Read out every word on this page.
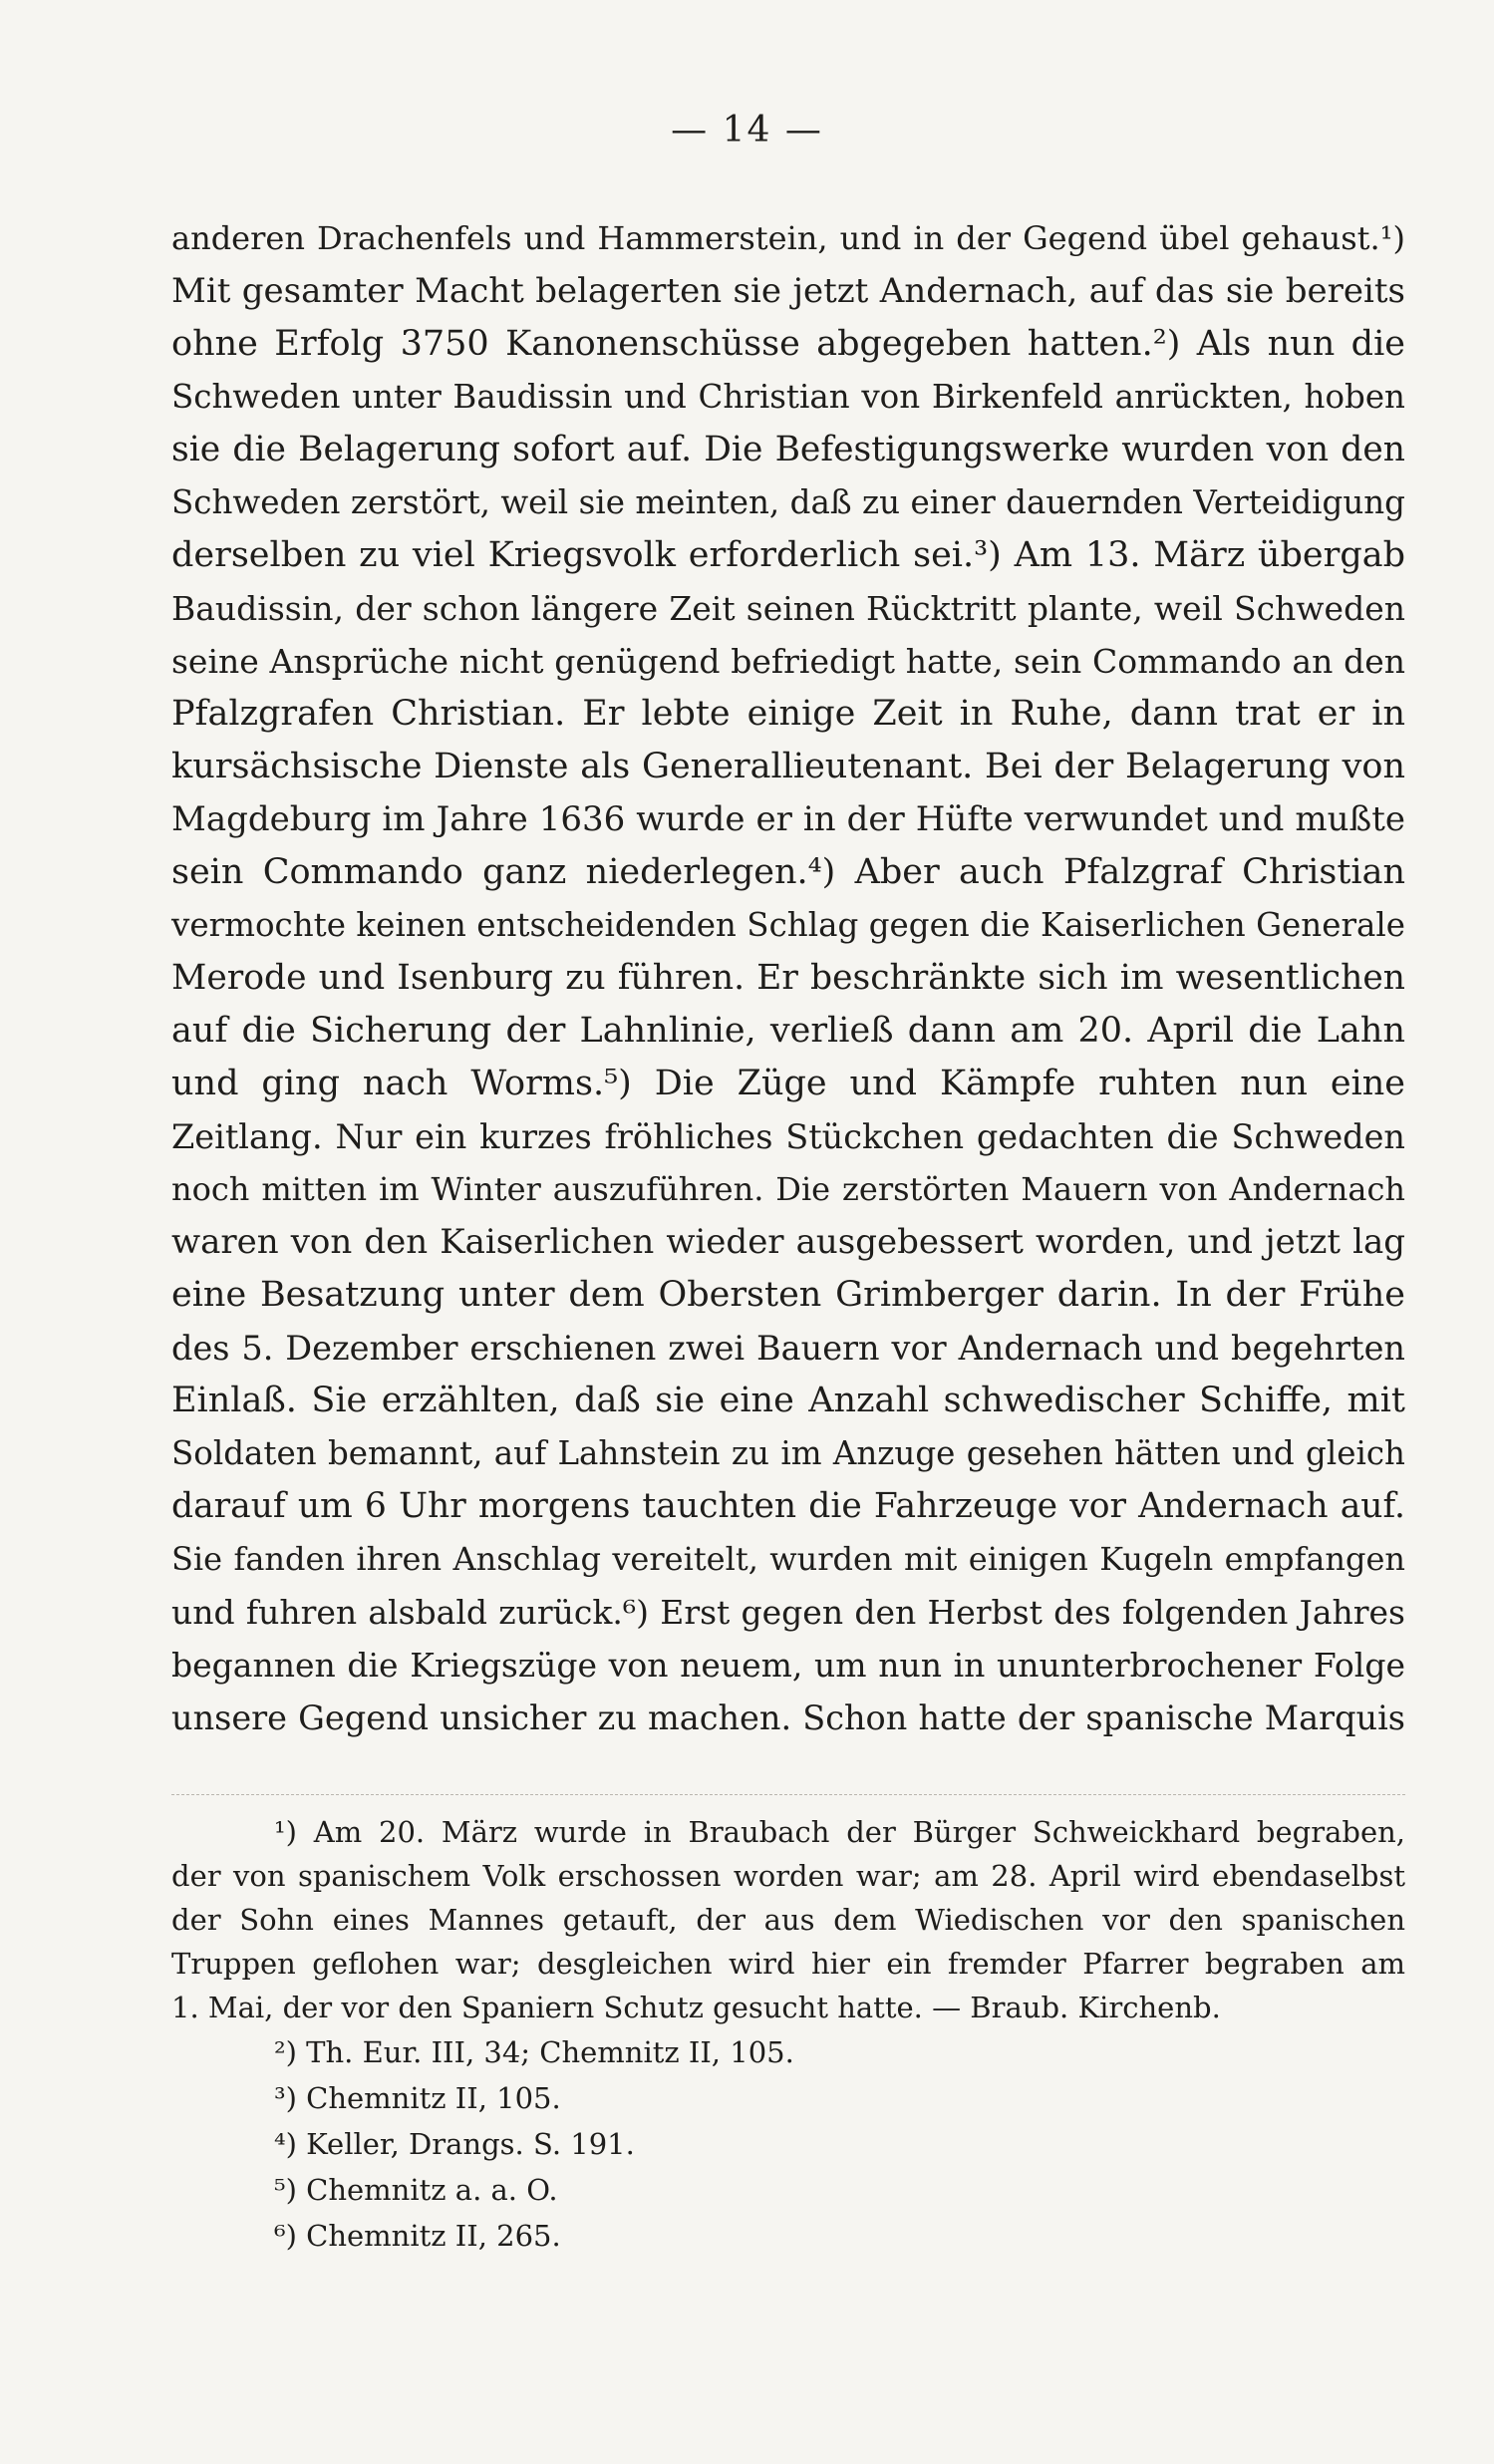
— 14 —
anderen Drachenfels und Hammerstein, und in der Gegend übel gehaust.¹)
Mit gesamter Macht belagerten sie jetzt Andernach, auf das sie bereits
ohne Erfolg 3750 Kanonenschüsse abgegeben hatten.²) Als nun die
Schweden unter Baudissin und Christian von Birkenfeld anrückten, hoben
sie die Belagerung sofort auf. Die Befestigungswerke wurden von den
Schweden zerstört, weil sie meinten, daß zu einer dauernden Verteidigung
derselben zu viel Kriegsvolk erforderlich sei.³) Am 13. März übergab
Baudissin, der schon längere Zeit seinen Rücktritt plante, weil Schweden
seine Ansprüche nicht genügend befriedigt hatte, sein Commando an den
Pfalzgrafen Christian. Er lebte einige Zeit in Ruhe, dann trat er in
kursächsische Dienste als Generallieutenant. Bei der Belagerung von
Magdeburg im Jahre 1636 wurde er in der Hüfte verwundet und mußte
sein Commando ganz niederlegen.⁴) Aber auch Pfalzgraf Christian
vermochte keinen entscheidenden Schlag gegen die Kaiserlichen Generale
Merode und Isenburg zu führen. Er beschränkte sich im wesentlichen
auf die Sicherung der Lahnlinie, verließ dann am 20. April die Lahn
und ging nach Worms.⁵) Die Züge und Kämpfe ruhten nun eine
Zeitlang. Nur ein kurzes fröhliches Stückchen gedachten die Schweden
noch mitten im Winter auszuführen. Die zerstörten Mauern von Andernach
waren von den Kaiserlichen wieder ausgebessert worden, und jetzt lag
eine Besatzung unter dem Obersten Grimberger darin. In der Frühe
des 5. Dezember erschienen zwei Bauern vor Andernach und begehrten
Einlaß. Sie erzählten, daß sie eine Anzahl schwedischer Schiffe, mit
Soldaten bemannt, auf Lahnstein zu im Anzuge gesehen hätten und gleich
darauf um 6 Uhr morgens tauchten die Fahrzeuge vor Andernach auf.
Sie fanden ihren Anschlag vereitelt, wurden mit einigen Kugeln empfangen
und fuhren alsbald zurück.⁶) Erst gegen den Herbst des folgenden Jahres
begannen die Kriegszüge von neuem, um nun in ununterbrochener Folge
unsere Gegend unsicher zu machen. Schon hatte der spanische Marquis
¹) Am 20. März wurde in Braubach der Bürger Schweickhard begraben,
der von spanischem Volk erschossen worden war; am 28. April wird ebendaselbst
der Sohn eines Mannes getauft, der aus dem Wiedischen vor den spanischen
Truppen geflohen war; desgleichen wird hier ein fremder Pfarrer begraben am
1. Mai, der vor den Spaniern Schutz gesucht hatte. — Braub. Kirchenb.
²) Th. Eur. III, 34; Chemnitz II, 105.
³) Chemnitz II, 105.
⁴) Keller, Drangs. S. 191.
⁵) Chemnitz a. a. O.
⁶) Chemnitz II, 265.
